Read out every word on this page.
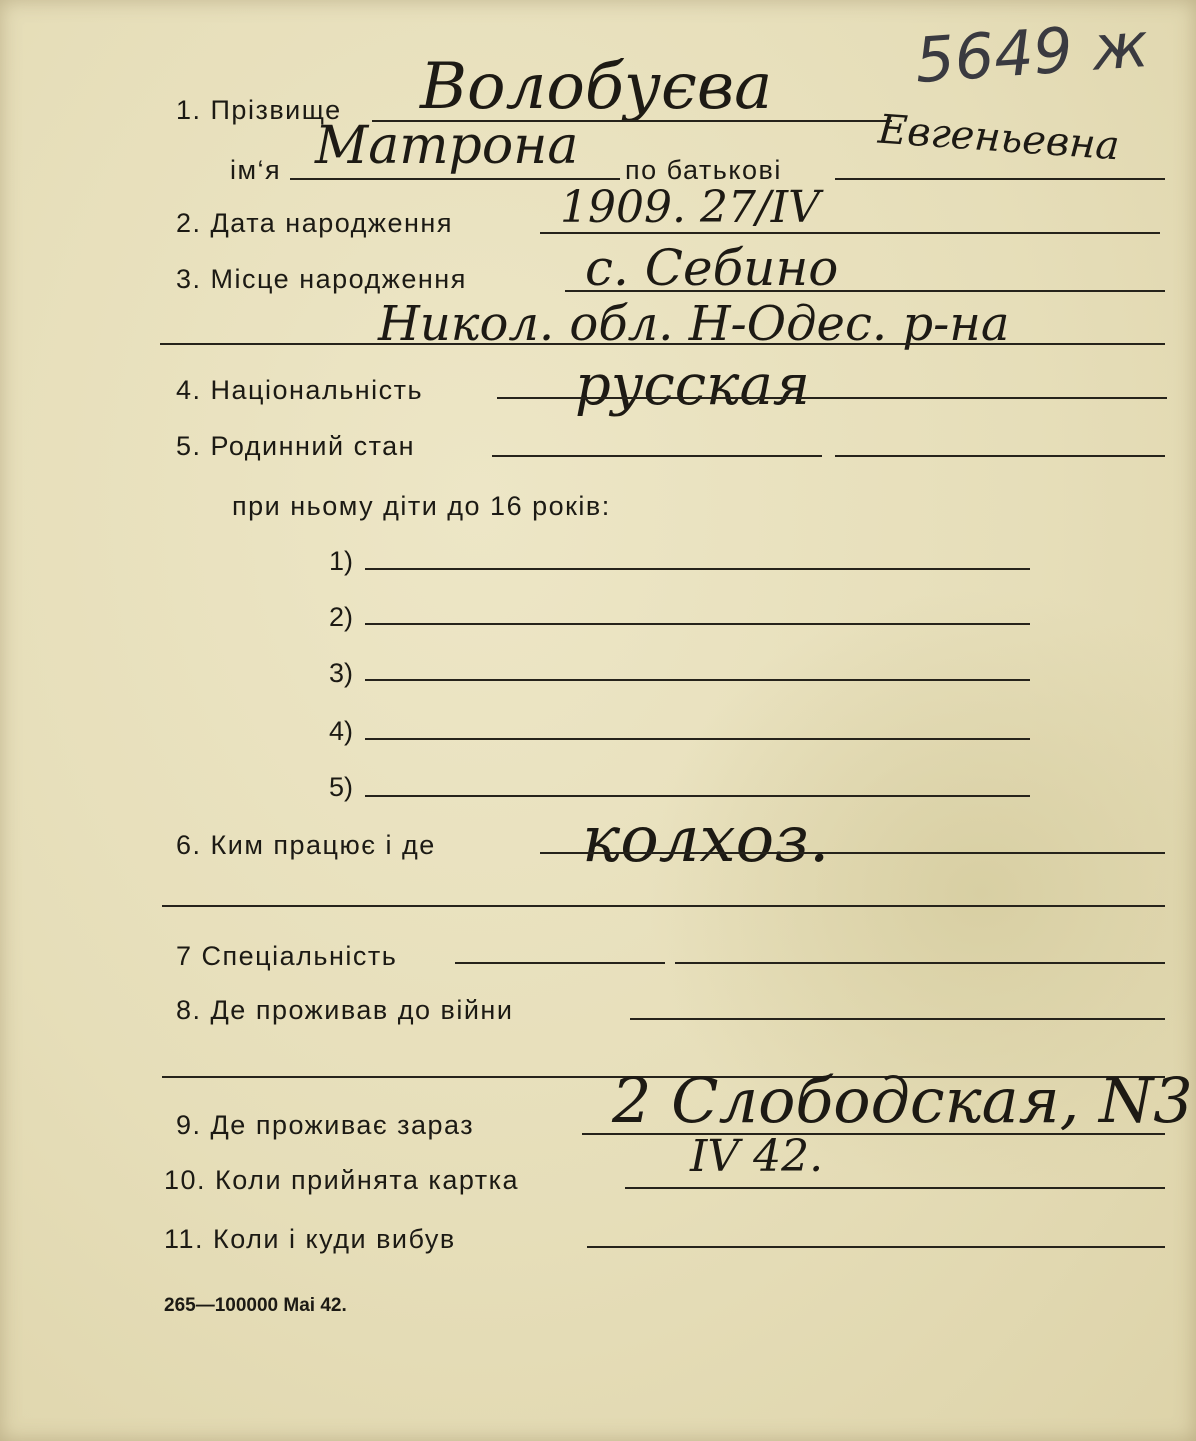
5649 ж
1. Прізвище Волобуєва
ім‘я Матрона по батькові
Евгеньевна
2. Дата народження 1909. 27/IV
3. Місце народження с. Себино
Никол. обл. Н-Одес. р-на
4. Національність	русская
5. Родинний стан
при ньому діти до 16 років:
1)
2)
3)
4)
5)
6. Ким працює і де колхоз.
7 Спеціальність
8. Де проживав до війни
9. Де проживає зараз 2 Слободская, N3
10. Коли прийнята картка	IV 42.
11. Коли і куди вибув
265—100000 Mai 42.
